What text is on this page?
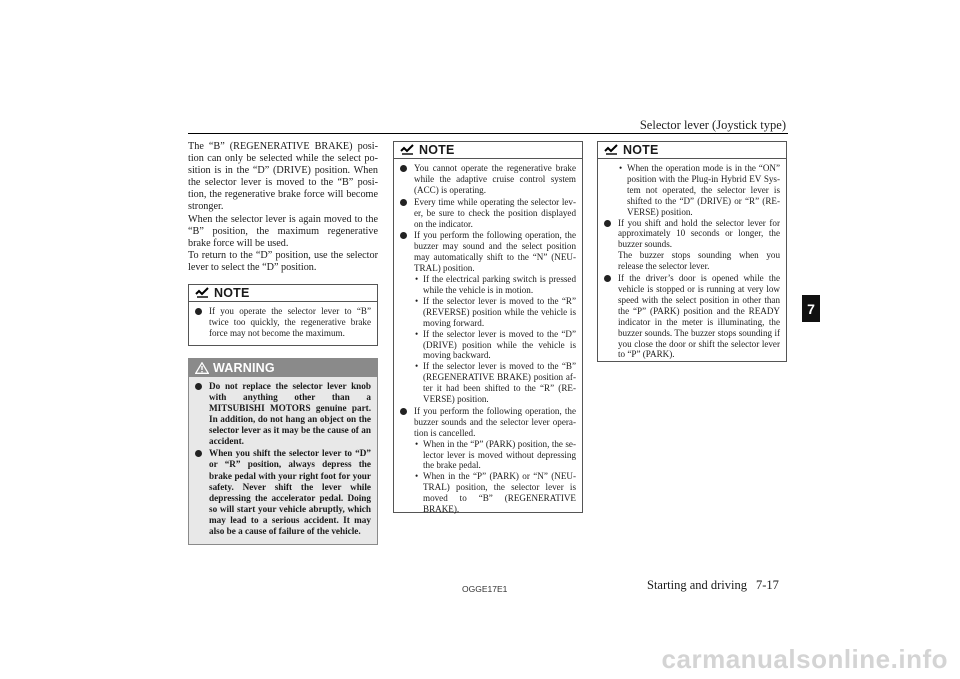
Selector lever (Joystick type)
7

The “B” (REGENERATIVE BRAKE) position can only be selected while the select position is in the “D” (DRIVE) position. When the selector lever is moved to the “B” position, the regenerative brake force will become stronger.

When the selector lever is again moved to the “B” position, the maximum regenerative brake force will be used.

To return to the “D” position, use the selector lever to select the “D” position.

NOTE
If you operate the selector lever to “B” twice too quickly, the regenerative brake force may not become the maximum.
WARNING
Do not replace the selector lever knob with anything other than a MITSUBISHI MOTORS genuine part. In addition, do not hang an object on the selector lever as it may be the cause of an accident.
When you shift the selector lever to “D” or “R” position, always depress the brake pedal with your right foot for your safety. Never shift the lever while depressing the accelerator pedal. Doing so will start your vehicle abruptly, which may lead to a serious accident. It may also be a cause of failure of the vehicle.
NOTE
You cannot operate the regenerative brake while the adaptive cruise control system (ACC) is operating.
Every time while operating the selector lever, be sure to check the position displayed on the indicator.
If you perform the following operation, the buzzer may sound and the select position may automatically shift to the “N” (NEUTRAL) position.
• If the electrical parking switch is pressed while the vehicle is in motion.
• If the selector lever is moved to the “R” (REVERSE) position while the vehicle is moving forward.
• If the selector lever is moved to the “D” (DRIVE) position while the vehicle is moving backward.
• If the selector lever is moved to the “B” (REGENERATIVE BRAKE) position after it had been shifted to the “R” (REVERSE) position.
If you perform the following operation, the buzzer sounds and the selector lever operation is cancelled.
• When in the “P” (PARK) position, the selector lever is moved without depressing the brake pedal.
• When in the “P” (PARK) or “N” (NEUTRAL) position, the selector lever is moved to “B” (REGENERATIVE BRAKE).
NOTE
• When the operation mode is in the “ON” position with the Plug-in Hybrid EV System not operated, the selector lever is shifted to the “D” (DRIVE) or “R” (REVERSE) position.
If you shift and hold the selector lever for approximately 10 seconds or longer, the buzzer sounds.
The buzzer stops sounding when you release the selector lever.
If the driver’s door is opened while the vehicle is stopped or is running at very low speed with the select position in other than the “P” (PARK) position and the READY indicator in the meter is illuminating, the buzzer sounds. The buzzer stops sounding if you close the door or shift the selector lever to “P” (PARK).
OGGE17E1	Starting and driving 7-17
carmanualsonline.info
